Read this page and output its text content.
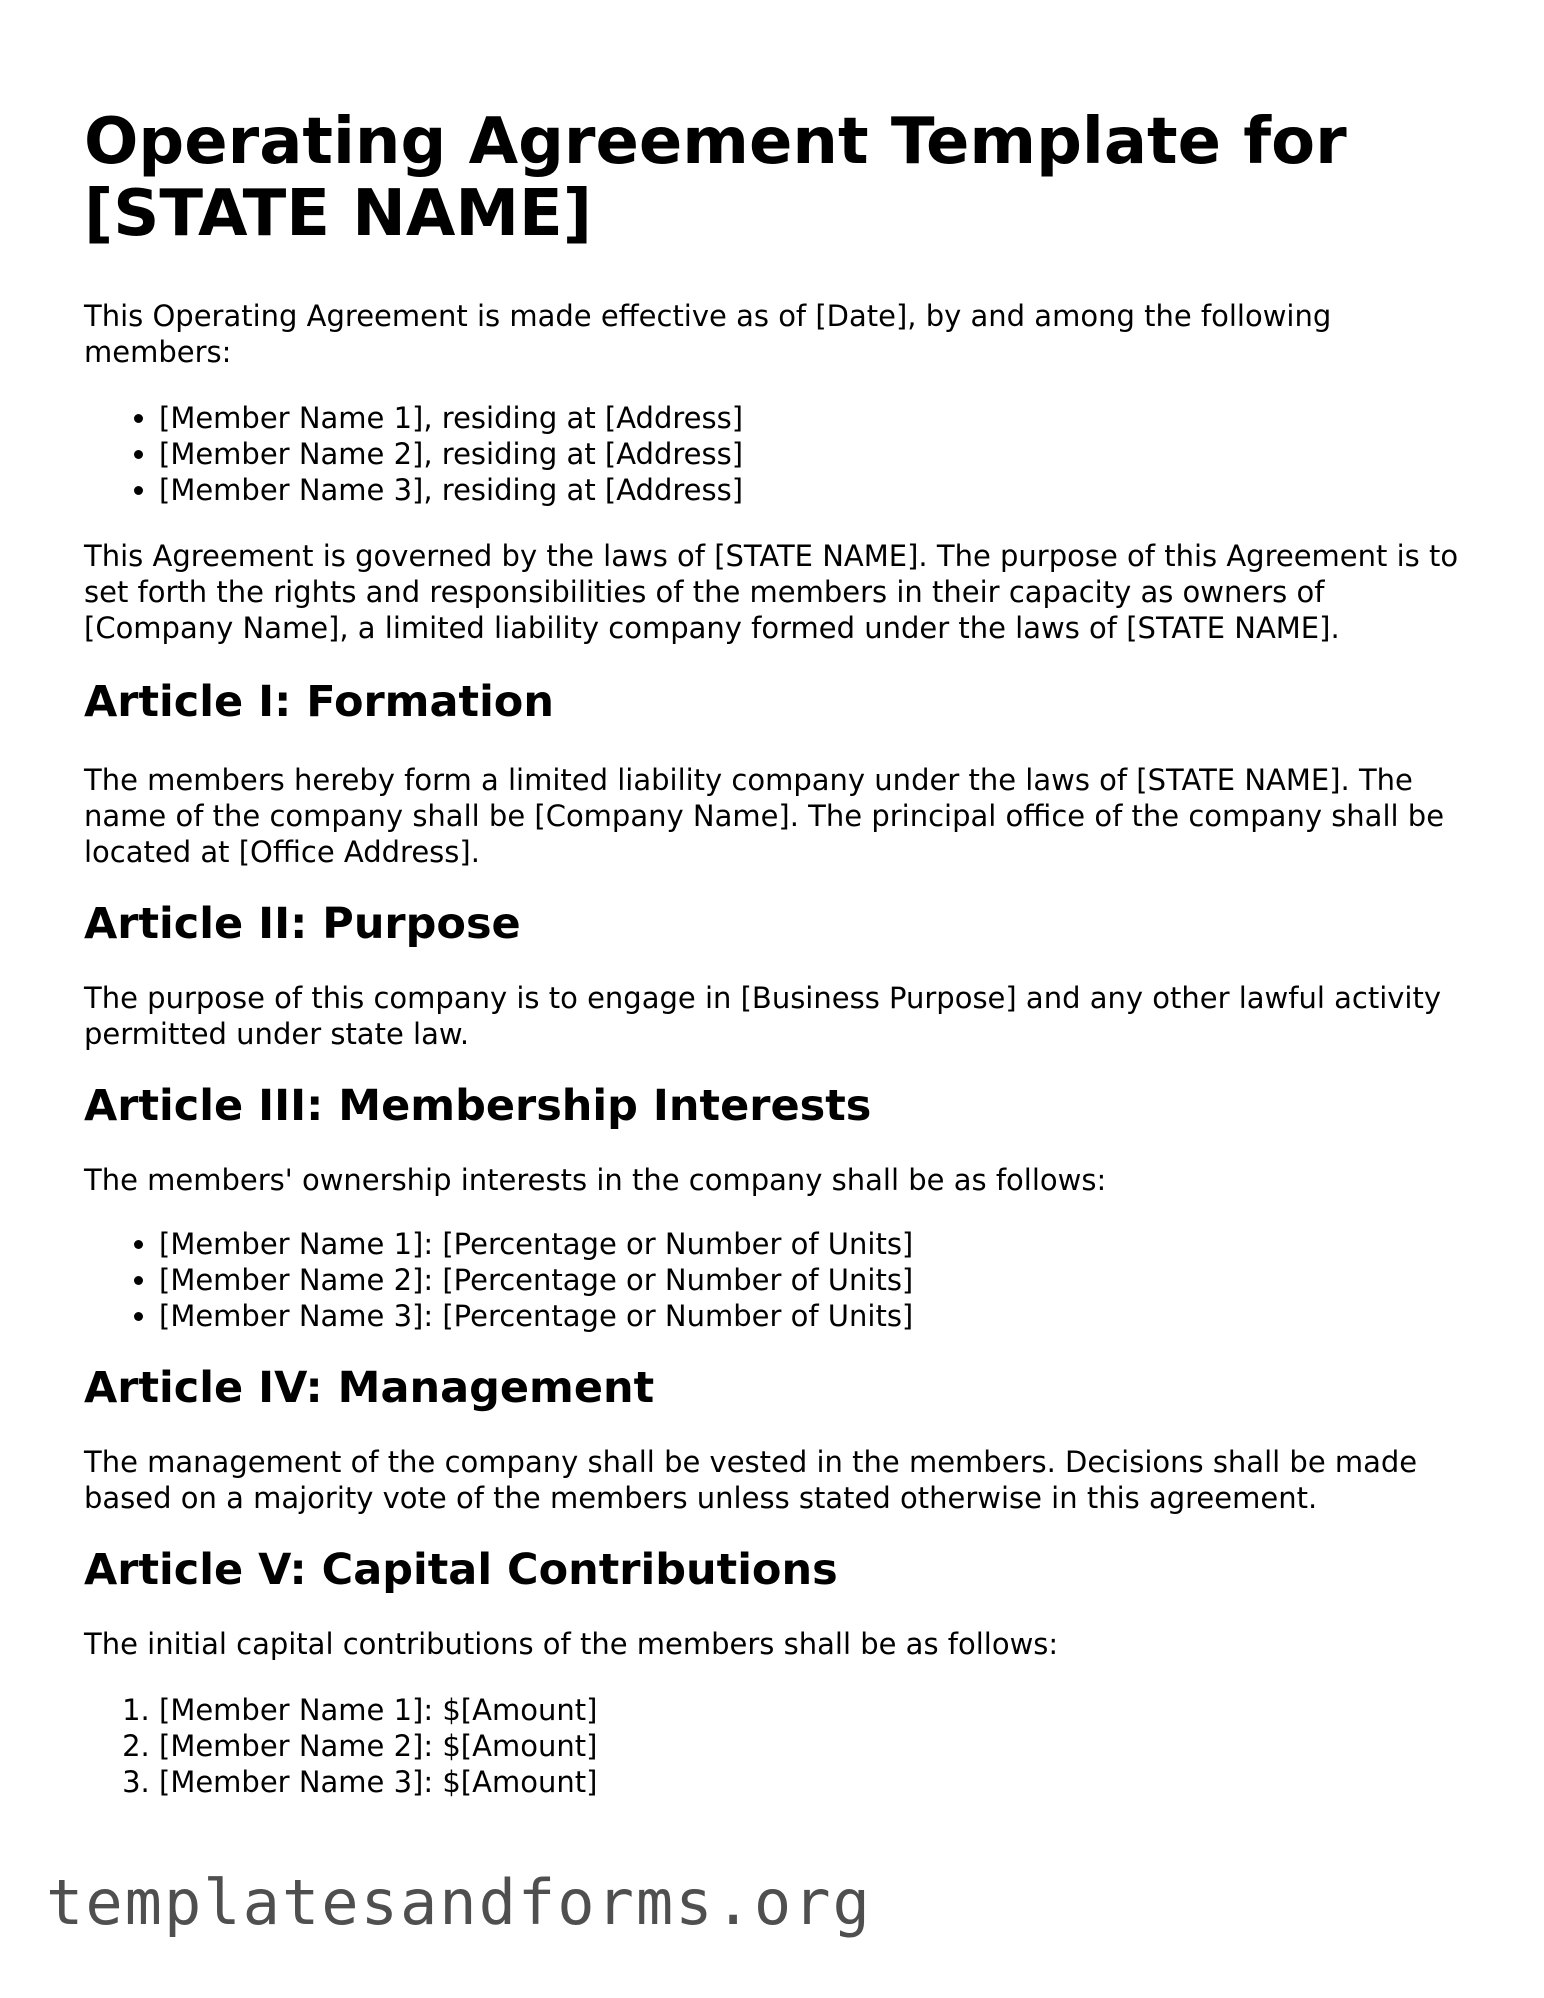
Operating Agreement Template for [STATE NAME]

This Operating Agreement is made effective as of [Date], by and among the following members:

• [Member Name 1], residing at [Address]
• [Member Name 2], residing at [Address]
• [Member Name 3], residing at [Address]

This Agreement is governed by the laws of [STATE NAME]. The purpose of this Agreement is to set forth the rights and responsibilities of the members in their capacity as owners of [Company Name], a limited liability company formed under the laws of [STATE NAME].

Article I: Formation

The members hereby form a limited liability company under the laws of [STATE NAME]. The name of the company shall be [Company Name]. The principal office of the company shall be located at [Office Address].

Article II: Purpose

The purpose of this company is to engage in [Business Purpose] and any other lawful activity permitted under state law.

Article III: Membership Interests

The members' ownership interests in the company shall be as follows:

• [Member Name 1]: [Percentage or Number of Units]
• [Member Name 2]: [Percentage or Number of Units]
• [Member Name 3]: [Percentage or Number of Units]
Article IV: Management

The management of the company shall be vested in the members. Decisions shall be made based on a majority vote of the members unless stated otherwise in this agreement.

Article V: Capital Contributions

The initial capital contributions of the members shall be as follows:

1. [Member Name 1]: $[Amount]
2. [Member Name 2]: $[Amount]
3. [Member Name 3]: $[Amount]
templatesandforms.org
